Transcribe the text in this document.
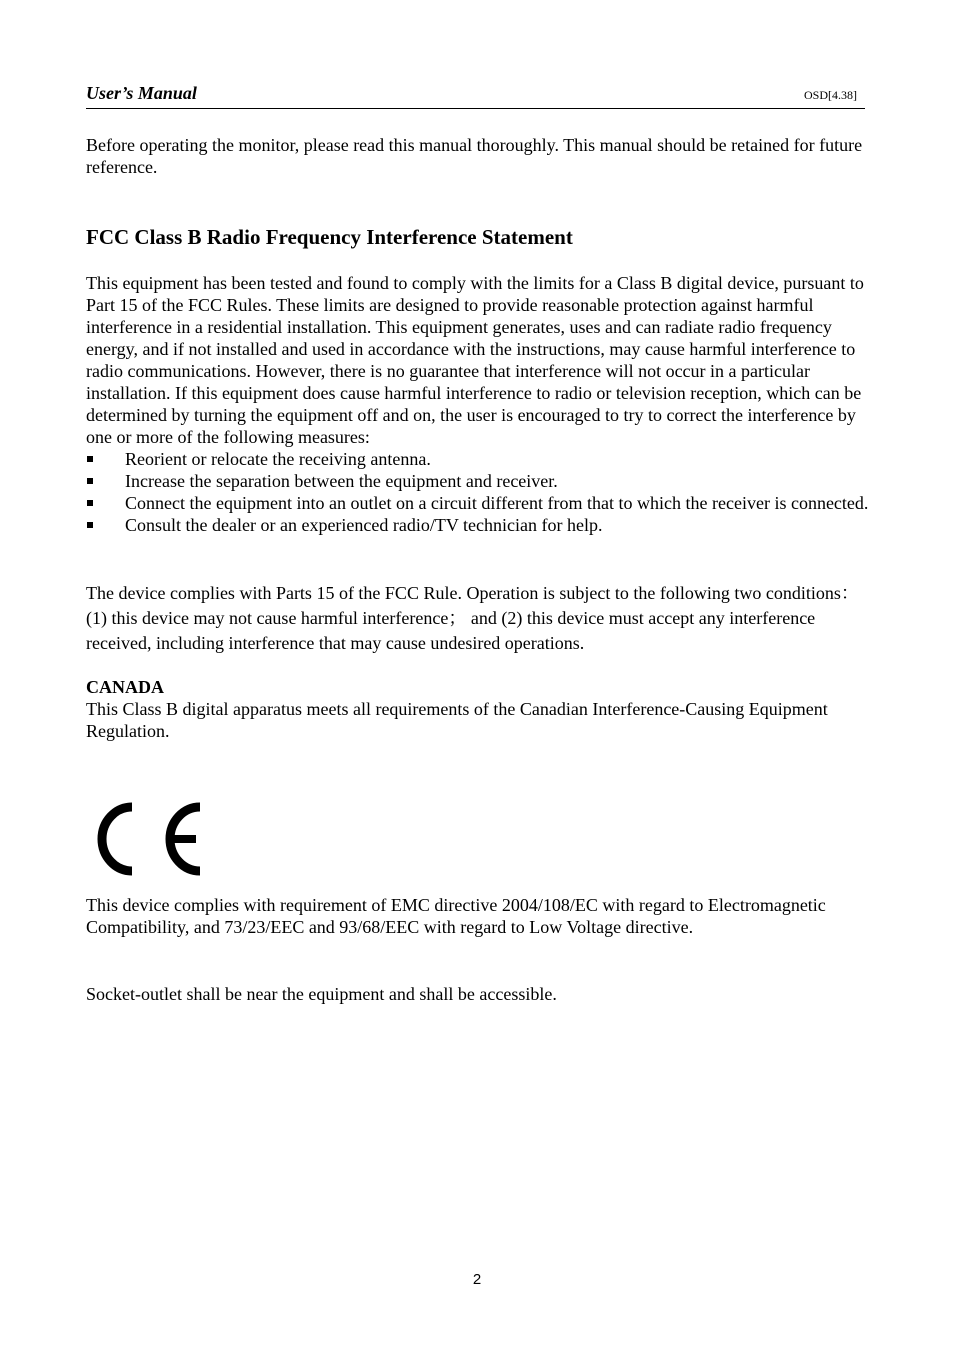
User’s Manual	OSD[4.38]

Before operating the monitor, please read this manual thoroughly. This manual should be retained for future reference.

FCC Class B Radio Frequency Interference Statement

This equipment has been tested and found to comply with the limits for a Class B digital device, pursuant to Part 15 of the FCC Rules. These limits are designed to provide reasonable protection against harmful interference in a residential installation. This equipment generates, uses and can radiate radio frequency energy, and if not installed and used in accordance with the instructions, may cause harmful interference to radio communications. However, there is no guarantee that interference will not occur in a particular installation. If this equipment does cause harmful interference to radio or television reception, which can be determined by turning the equipment off and on, the user is encouraged to try to correct the interference by one or more of the following measures:

Reorient or relocate the receiving antenna.
Increase the separation between the equipment and receiver.
Connect the equipment into an outlet on a circuit different from that to which the receiver is connected.
Consult the dealer or an experienced radio/TV technician for help.

The device complies with Parts 15 of the FCC Rule. Operation is subject to the following two conditions： (1) this device may not cause harmful interference； and (2) this device must accept any interference received, including interference that may cause undesired operations.

CANADA

This Class B digital apparatus meets all requirements of the Canadian Interference-Causing Equipment Regulation.

This device complies with requirement of EMC directive 2004/108/EC with regard to Electromagnetic Compatibility, and 73/23/EEC and 93/68/EEC with regard to Low Voltage directive.

Socket-outlet shall be near the equipment and shall be accessible.

2
